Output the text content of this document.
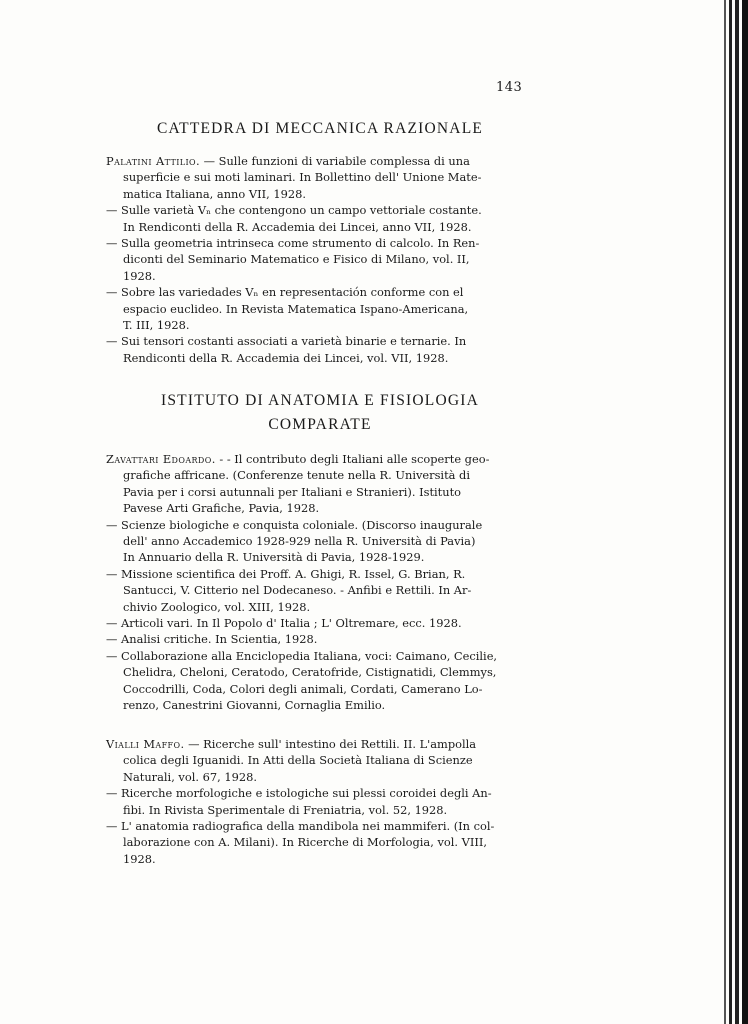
143
CATTEDRA DI MECCANICA RAZIONALE

Palatini Attilio. — Sulle funzioni di variabile complessa di una

superficie e sui moti laminari. In Bollettino dell' Unione Mate-

matica Italiana, anno VII, 1928.

— Sulle varietà Vₙ che contengono un campo vettoriale costante.

In Rendiconti della R. Accademia dei Lincei, anno VII, 1928.

— Sulla geometria intrinseca come strumento di calcolo. In Ren-

diconti del Seminario Matematico e Fisico di Milano, vol. II,

1928.

— Sobre las variedades Vₙ en representación conforme con el

espacio euclideo. In Revista Matematica Ispano-Americana,

T. III, 1928.

— Sui tensori costanti associati a varietà binarie e ternarie. In

Rendiconti della R. Accademia dei Lincei, vol. VII, 1928.

ISTITUTO DI ANATOMIA E FISIOLOGIA
COMPARATE

Zavattari Edoardo. - - Il contributo degli Italiani alle scoperte geo-

grafiche affricane. (Conferenze tenute nella R. Università di

Pavia per i corsi autunnali per Italiani e Stranieri). Istituto

Pavese Arti Grafiche, Pavia, 1928.

— Scienze biologiche e conquista coloniale. (Discorso inaugurale

dell' anno Accademico 1928-929 nella R. Università di Pavia)

In Annuario della R. Università di Pavia, 1928-1929.

— Missione scientifica dei Proff. A. Ghigi, R. Issel, G. Brian, R.

Santucci, V. Citterio nel Dodecaneso. - Anfibi e Rettili. In Ar-

chivio Zoologico, vol. XIII, 1928.

— Articoli vari. In Il Popolo d' Italia ; L' Oltremare, ecc. 1928.

— Analisi critiche. In Scientia, 1928.

— Collaborazione alla Enciclopedia Italiana, voci: Caimano, Cecilie,

Chelidra, Cheloni, Ceratodo, Ceratofride, Cistignatidi, Clemmys,

Coccodrilli, Coda, Colori degli animali, Cordati, Camerano Lo-

renzo, Canestrini Giovanni, Cornaglia Emilio.

Vialli Maffo. — Ricerche sull' intestino dei Rettili. II. L'ampolla

colica degli Iguanidi. In Atti della Società Italiana di Scienze

Naturali, vol. 67, 1928.

— Ricerche morfologiche e istologiche sui plessi coroidei degli An-

fibi. In Rivista Sperimentale di Freniatria, vol. 52, 1928.

— L' anatomia radiografica della mandibola nei mammiferi. (In col-

laborazione con A. Milani). In Ricerche di Morfologia, vol. VIII,

1928.
